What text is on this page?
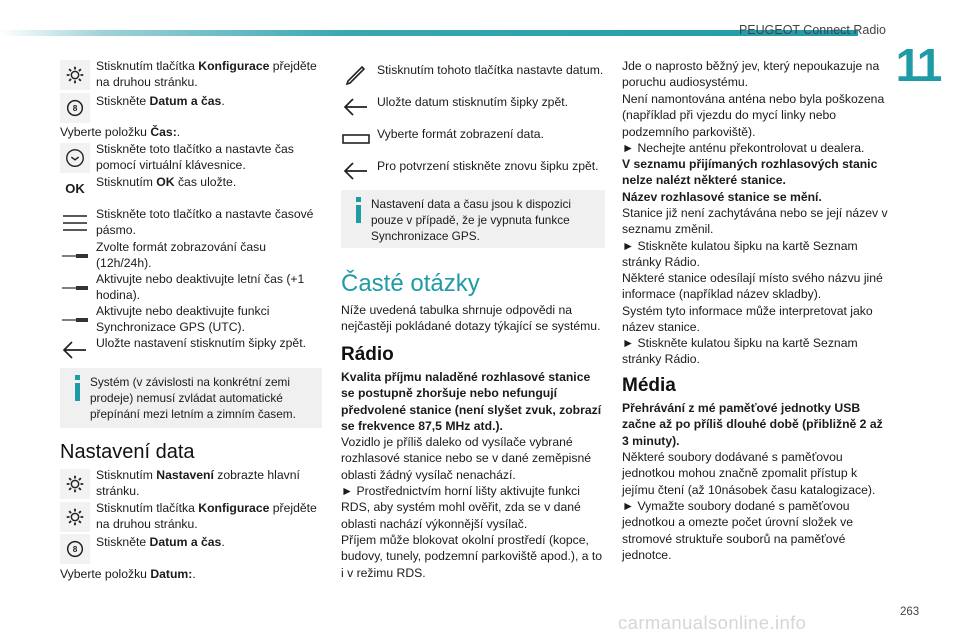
PEUGEOT Connect Radio
11
263
carmanualsonline.info
Stisknutím tlačítka Konfigurace přejděte na druhou stránku.
8
Stiskněte Datum a čas.
Vyberte položku Čas:.
Stiskněte toto tlačítko a nastavte čas pomocí virtuální klávesnice.
OK Stisknutím OK čas uložte.
Stiskněte toto tlačítko a nastavte časové pásmo.
Zvolte formát zobrazování času (12h/24h).
Aktivujte nebo deaktivujte letní čas (+1 hodina).
Aktivujte nebo deaktivujte funkci Synchronizace GPS (UTC).
Uložte nastavení stisknutím šipky zpět.
Systém (v závislosti na konkrétní zemi prodeje) nemusí zvládat automatické přepínání mezi letním a zimním časem.
Nastavení data
Stisknutím Nastavení zobrazte hlavní stránku.
Stisknutím tlačítka Konfigurace přejděte na druhou stránku.
8
Stiskněte Datum a čas.
Vyberte položku Datum:.
Stisknutím tohoto tlačítka nastavte datum.
Uložte datum stisknutím šipky zpět.
Vyberte formát zobrazení data.
Pro potvrzení stiskněte znovu šipku zpět.
Nastavení data a času jsou k dispozici pouze v případě, že je vypnuta funkce Synchronizace GPS.
Časté otázky
Níže uvedená tabulka shrnuje odpovědi na nejčastěji pokládané dotazy týkající se systému.
Rádio
Kvalita příjmu naladěné rozhlasové stanice se postupně zhoršuje nebo nefungují předvolené stanice (není slyšet zvuk, zobrazí se frekvence 87,5 MHz atd.).
Vozidlo je příliš daleko od vysílače vybrané rozhlasové stanice nebo se v dané zeměpisné oblasti žádný vysílač nenachází.
► Prostřednictvím horní lišty aktivujte funkci RDS, aby systém mohl ověřit, zda se v dané oblasti nachází výkonnější vysílač.
Příjem může blokovat okolní prostředí (kopce, budovy, tunely, podzemní parkoviště apod.), a to i v režimu RDS.
Jde o naprosto běžný jev, který nepoukazuje na poruchu audiosystému.
Není namontována anténa nebo byla poškozena (například při vjezdu do mycí linky nebo podzemního parkoviště).
► Nechejte anténu překontrolovat u dealera.
V seznamu přijímaných rozhlasových stanic nelze nalézt některé stanice.
Název rozhlasové stanice se mění.
Stanice již není zachytávána nebo se její název v seznamu změnil.
► Stiskněte kulatou šipku na kartě Seznam stránky Rádio.
Některé stanice odesílají místo svého názvu jiné informace (například název skladby).
Systém tyto informace může interpretovat jako název stanice.
► Stiskněte kulatou šipku na kartě Seznam stránky Rádio.
Média
Přehrávání z mé paměťové jednotky USB začne až po příliš dlouhé době (přibližně 2 až 3 minuty).
Některé soubory dodávané s paměťovou jednotkou mohou značně zpomalit přístup k jejímu čtení (až 10násobek času katalogizace).
► Vymažte soubory dodané s paměťovou jednotkou a omezte počet úrovní složek ve stromové struktuře souborů na paměťové jednotce.
